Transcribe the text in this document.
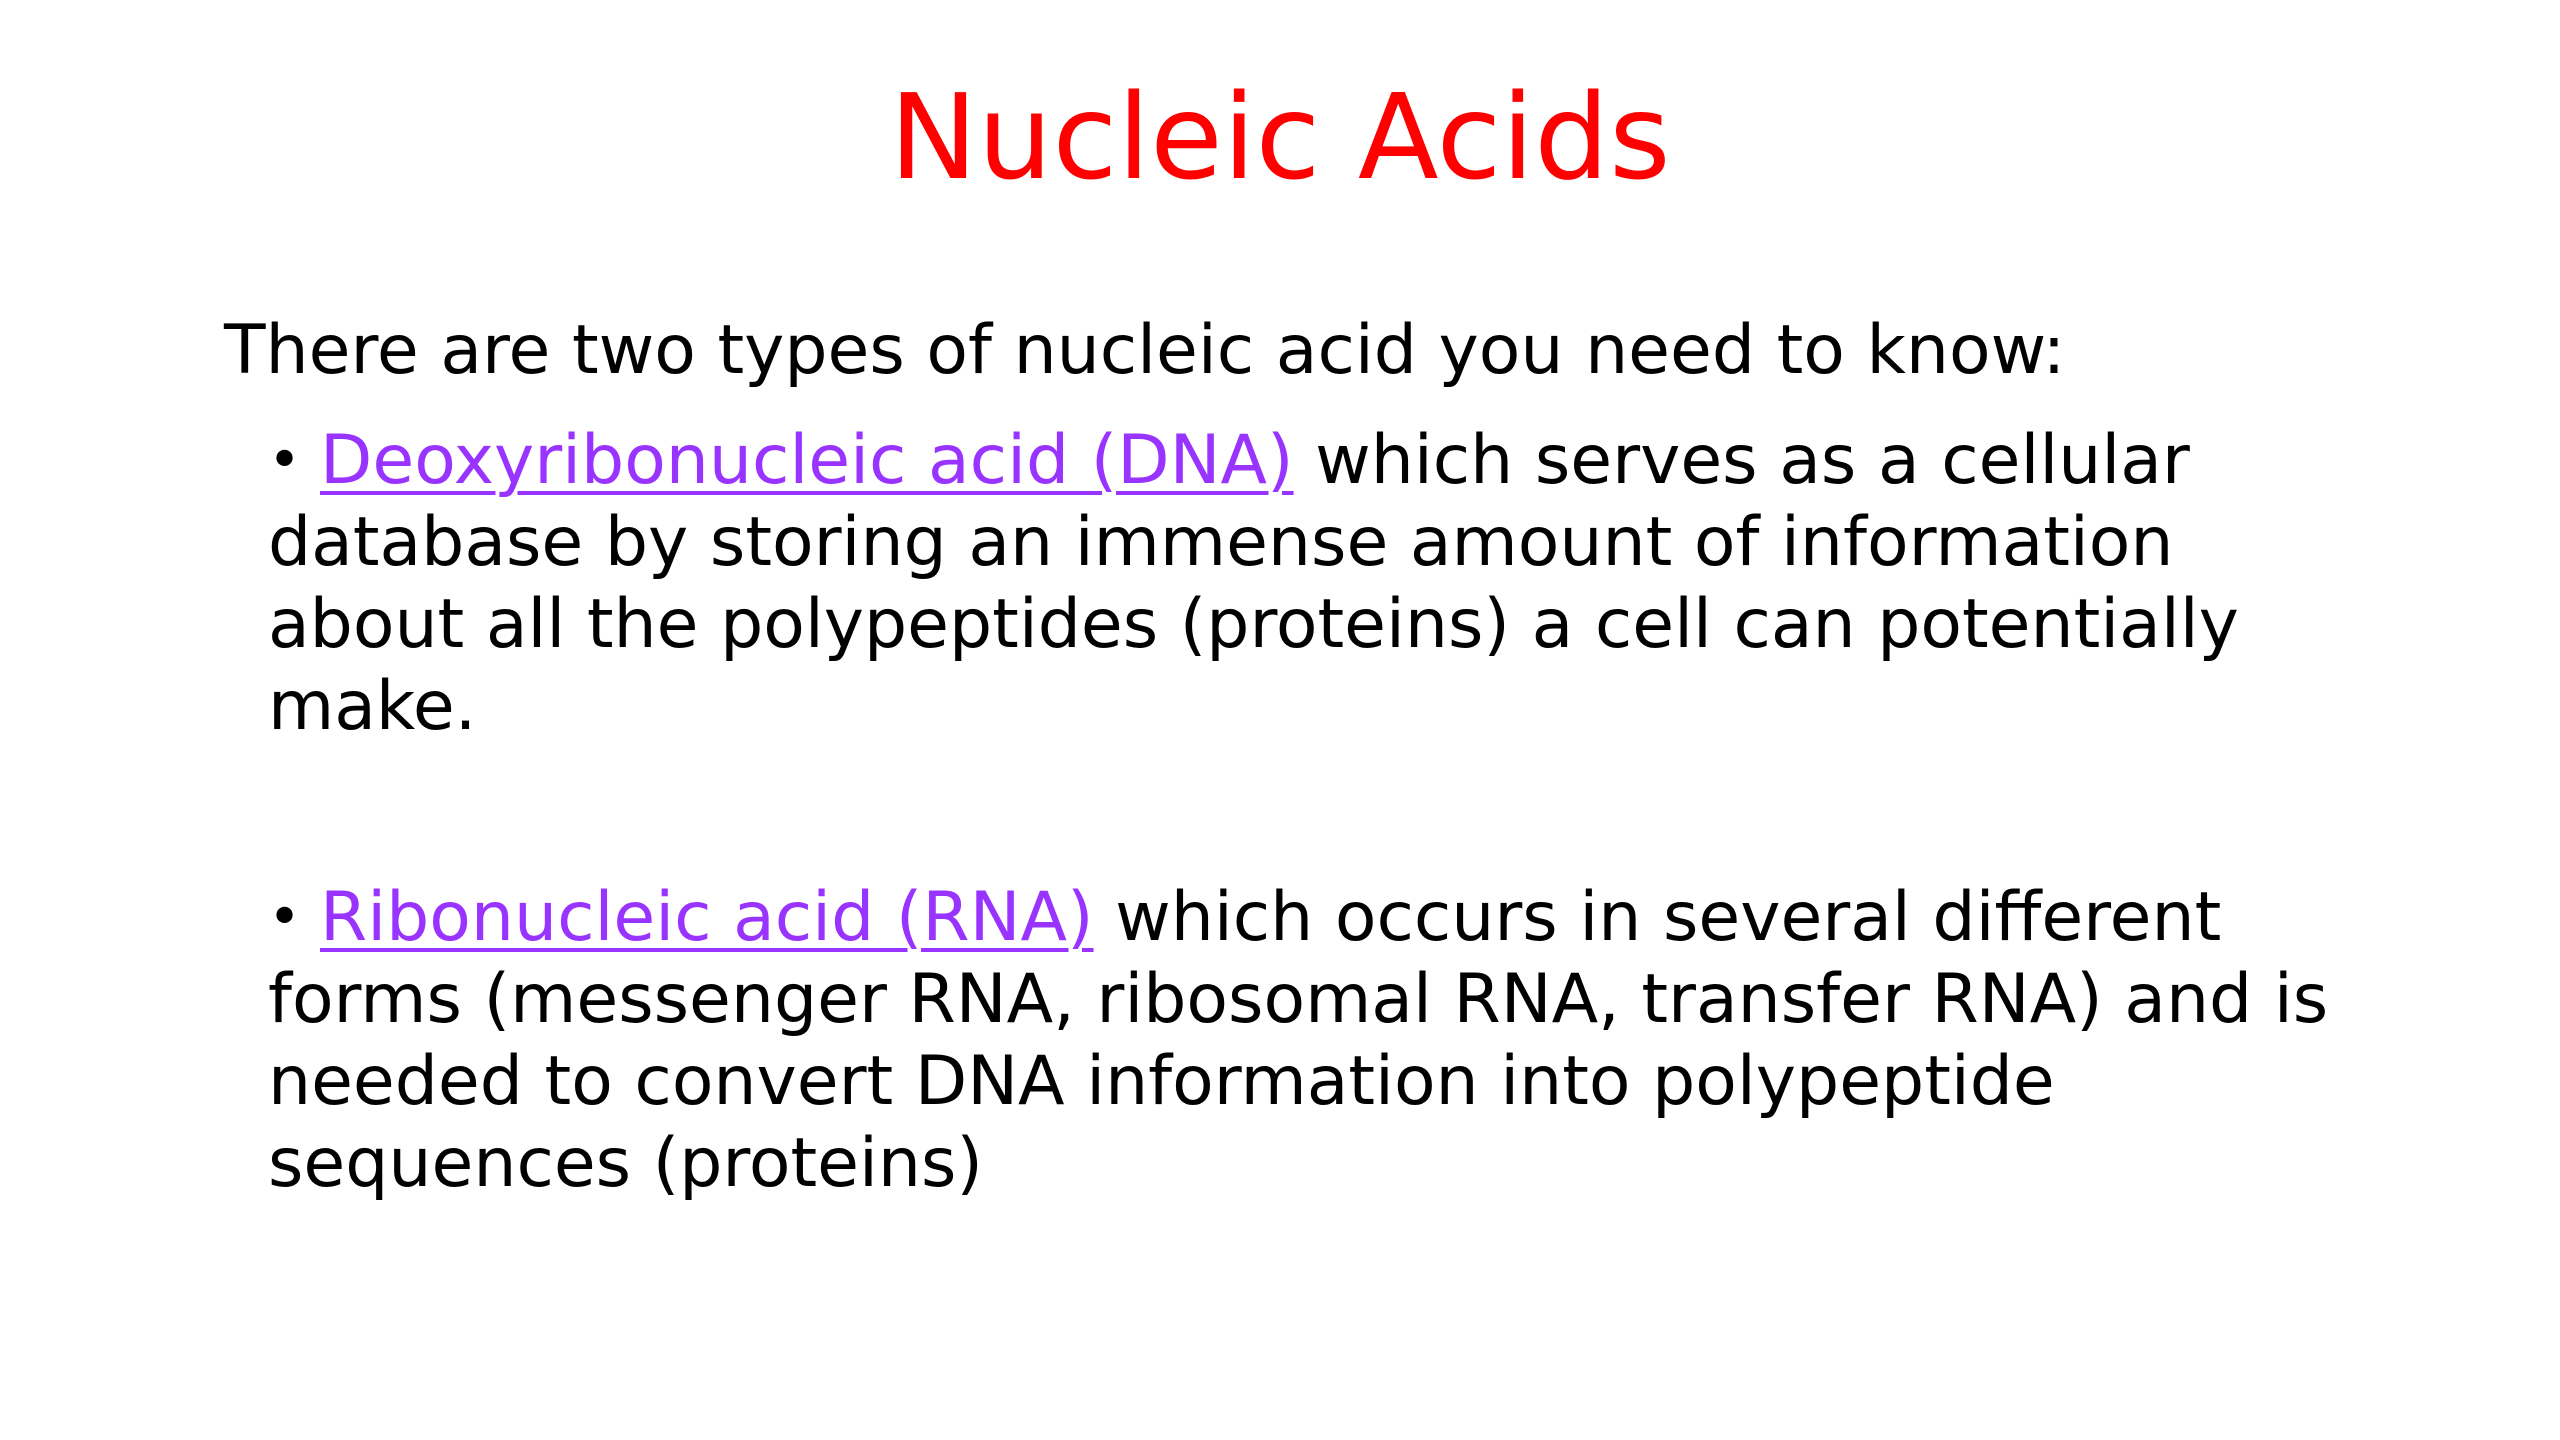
Nucleic Acids

There are two types of nucleic acid you need to know:

• Deoxyribonucleic acid (DNA) which serves as a cellular database by storing an immense amount of information about all the polypeptides (proteins) a cell can potentially make.

• Ribonucleic acid (RNA) which occurs in several different forms (messenger RNA, ribosomal RNA, transfer RNA) and is needed to convert DNA information into polypeptide sequences (proteins)
